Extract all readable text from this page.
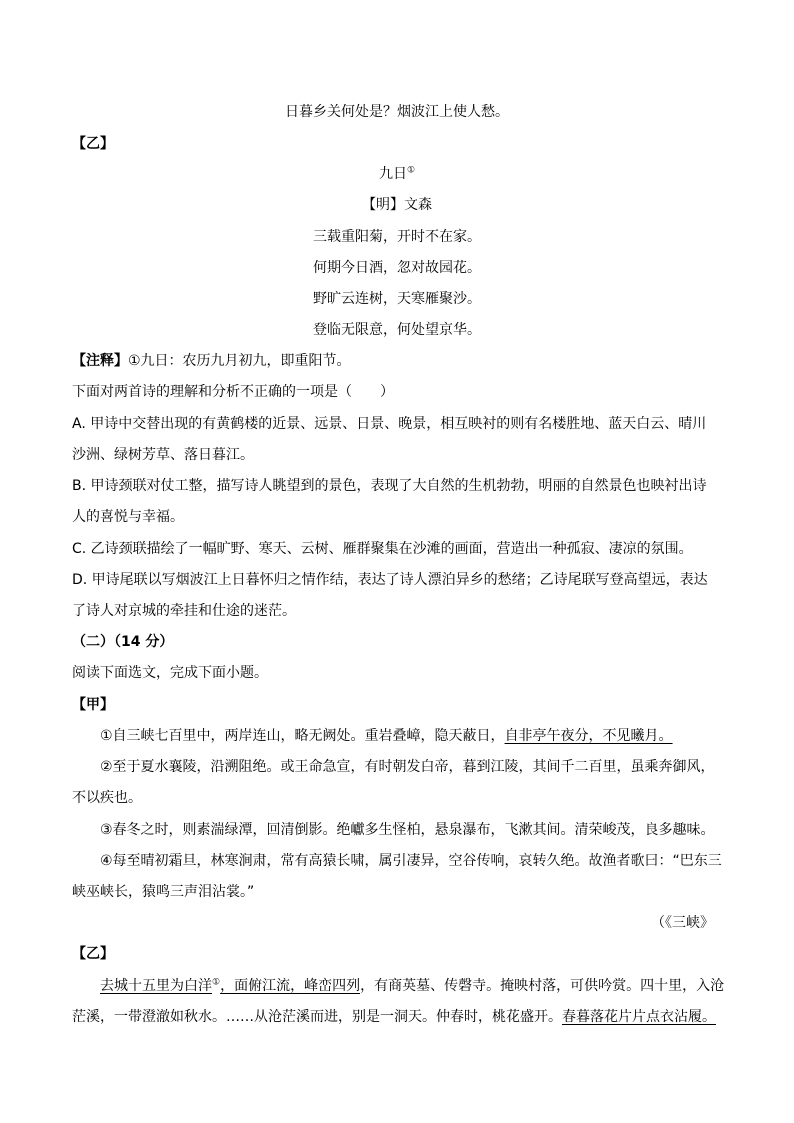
日暮乡关何处是？烟波江上使人愁。
【乙】
九日①
【明】文森
三载重阳菊，开时不在家。
何期今日酒，忽对故园花。
野旷云连树，天寒雁聚沙。
登临无限意，何处望京华。
【注释】①九日：农历九月初九，即重阳节。
下面对两首诗的理解和分析不正确的一项是（　　）
A. 甲诗中交替出现的有黄鹤楼的近景、远景、日景、晚景，相互映衬的则有名楼胜地、蓝天白云、晴川
沙洲、绿树芳草、落日暮江。
B. 甲诗颈联对仗工整，描写诗人眺望到的景色，表现了大自然的生机勃勃，明丽的自然景色也映衬出诗
人的喜悦与幸福。
C. 乙诗颈联描绘了一幅旷野、寒天、云树、雁群聚集在沙滩的画面，营造出一种孤寂、凄凉的氛围。
D. 甲诗尾联以写烟波江上日暮怀归之情作结，表达了诗人漂泊异乡的愁绪；乙诗尾联写登高望远，表达
了诗人对京城的牵挂和仕途的迷茫。
（二）（14 分）
阅读下面选文，完成下面小题。
【甲】
①自三峡七百里中，两岸连山，略无阙处。重岩叠嶂，隐天蔽日，自非亭午夜分，不见曦月。
②至于夏水襄陵，沿溯阻绝。或王命急宣，有时朝发白帝，暮到江陵，其间千二百里，虽乘奔御风，
不以疾也。
③春冬之时，则素湍绿潭，回清倒影。绝巘多生怪柏，悬泉瀑布，飞漱其间。清荣峻茂，良多趣味。
④每至晴初霜旦，林寒涧肃，常有高猿长啸，属引凄异，空谷传响，哀转久绝。故渔者歌曰：“巴东三
峡巫峡长，猿鸣三声泪沾裳。”
（《三峡》
【乙】
去城十五里为白洋①，面俯江流，峰峦四列，有商英墓、传磬寺。掩映村落，可供吟赏。四十里，入沧
茫溪，一带澄澈如秋水。……从沧茫溪而进，别是一洞天。仲春时，桃花盛开。春暮落花片片点衣沾履。
